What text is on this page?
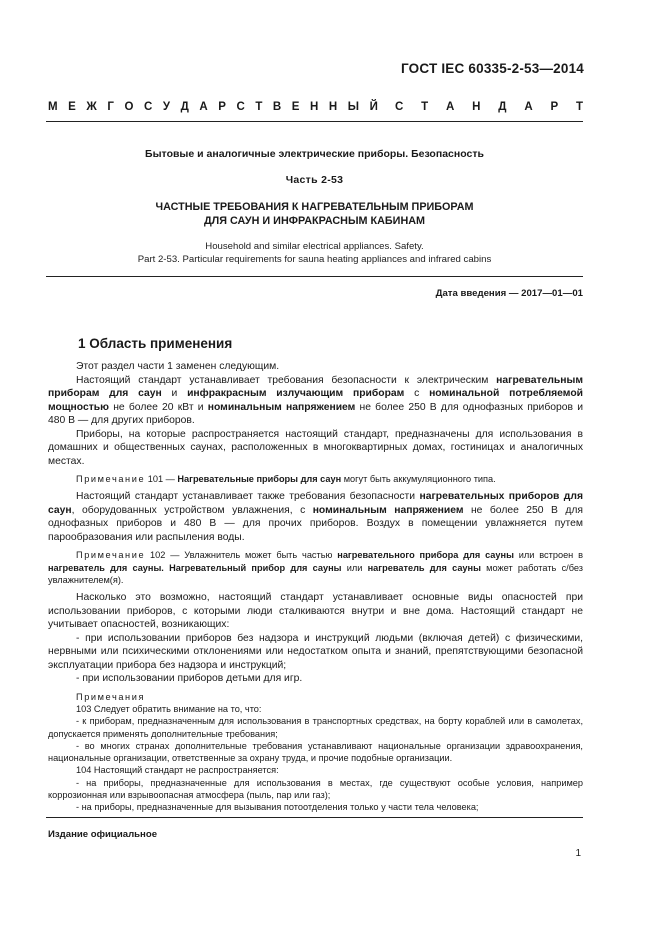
ГОСТ IEC 60335-2-53—2014
М Е Ж Г О С У Д А Р С Т В Е Н Н Ы Й С Т А Н Д А Р Т
Бытовые и аналогичные электрические приборы. Безопасность
Часть 2-53
ЧАСТНЫЕ ТРЕБОВАНИЯ К НАГРЕВАТЕЛЬНЫМ ПРИБОРАМ
ДЛЯ САУН И ИНФРАКРАСНЫМ КАБИНАМ
Household and similar electrical appliances. Safety.
Part 2-53. Particular requirements for sauna heating appliances and infrared cabins
Дата введения — 2017—01—01
1 Область применения

Этот раздел части 1 заменен следующим.

Настоящий стандарт устанавливает требования безопасности к электрическим нагревательным приборам для саун и инфракрасным излучающим приборам с номинальной потребляемой мощностью не более 20 кВт и номинальным напряжением не более 250 В для однофазных приборов и 480 В — для других приборов.

Приборы, на которые распространяется настоящий стандарт, предназначены для использования в домашних и общественных саунах, расположенных в многоквартирных домах, гостиницах и аналогичных местах.

Примечание 101 — Нагревательные приборы для саун могут быть аккумуляционного типа.

Настоящий стандарт устанавливает также требования безопасности нагревательных приборов для саун, оборудованных устройством увлажнения, с номинальным напряжением не более 250 В для однофазных приборов и 480 В — для прочих приборов. Воздух в помещении увлажняется путем парообразования или распыления воды.

Примечание 102 — Увлажнитель может быть частью нагревательного прибора для сауны или встроен в нагреватель для сауны. Нагревательный прибор для сауны или нагреватель для сауны может работать с/без увлажнителем(я).

Насколько это возможно, настоящий стандарт устанавливает основные виды опасностей при использовании приборов, с которыми люди сталкиваются внутри и вне дома. Настоящий стандарт не учитывает опасностей, возникающих:

- при использовании приборов без надзора и инструкций людьми (включая детей) с физическими, нервными или психическими отклонениями или недостатком опыта и знаний, препятствующими безопасной эксплуатации прибора без надзора и инструкций;

- при использовании приборов детьми для игр.

Примечания

103 Следует обратить внимание на то, что:

- к приборам, предназначенным для использования в транспортных средствах, на борту кораблей или в самолетах, допускается применять дополнительные требования;

- во многих странах дополнительные требования устанавливают национальные организации здравоохранения, национальные организации, ответственные за охрану труда, и прочие подобные организации.

104 Настоящий стандарт не распространяется:

- на приборы, предназначенные для использования в местах, где существуют особые условия, например коррозионная или взрывоопасная атмосфера (пыль, пар или газ);

- на приборы, предназначенные для вызывания потоотделения только у части тела человека;

Издание официальное
1
